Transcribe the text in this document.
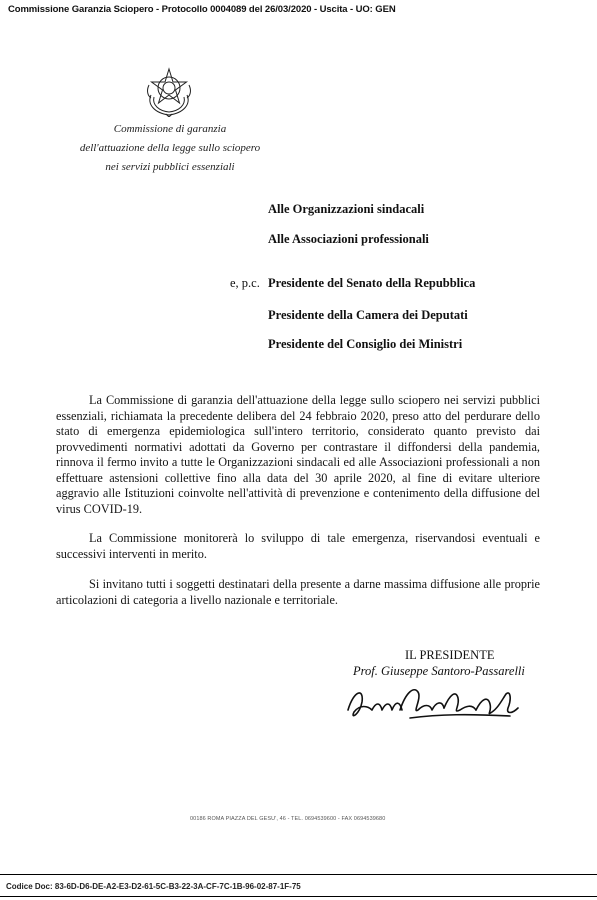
Commissione Garanzia Sciopero - Protocollo 0004089 del 26/03/2020 - Uscita - UO: GEN
Commissione di garanzia
dell'attuazione della legge sullo sciopero
nei servizi pubblici essenziali
Alle Organizzazioni sindacali
Alle Associazioni professionali
e, p.c. Presidente del Senato della Repubblica
Presidente della Camera dei Deputati
Presidente del Consiglio dei Ministri

La Commissione di garanzia dell'attuazione della legge sullo sciopero nei servizi pubblici essenziali, richiamata la precedente delibera del 24 febbraio 2020, preso atto del perdurare dello stato di emergenza epidemiologica sull'intero territorio, considerato quanto previsto dai provvedimenti normativi adottati da Governo per contrastare il diffondersi della pandemia, rinnova il fermo invito a tutte le Organizzazioni sindacali ed alle Associazioni professionali a non effettuare astensioni collettive fino alla data del 30 aprile 2020, al fine di evitare ulteriore aggravio alle Istituzioni coinvolte nell'attività di prevenzione e contenimento della diffusione del virus COVID-19.

La Commissione monitorerà lo sviluppo di tale emergenza, riservandosi eventuali e successivi interventi in merito.

Si invitano tutti i soggetti destinatari della presente a darne massima diffusione alle proprie articolazioni di categoria a livello nazionale e territoriale.

IL PRESIDENTE
Prof. Giuseppe Santoro-Passarelli
00186 ROMA PIAZZA DEL GESU', 46 - TEL. 0694539600 - FAX 0694539680
Codice Doc: 83-6D-D6-DE-A2-E3-D2-61-5C-B3-22-3A-CF-7C-1B-96-02-87-1F-75
